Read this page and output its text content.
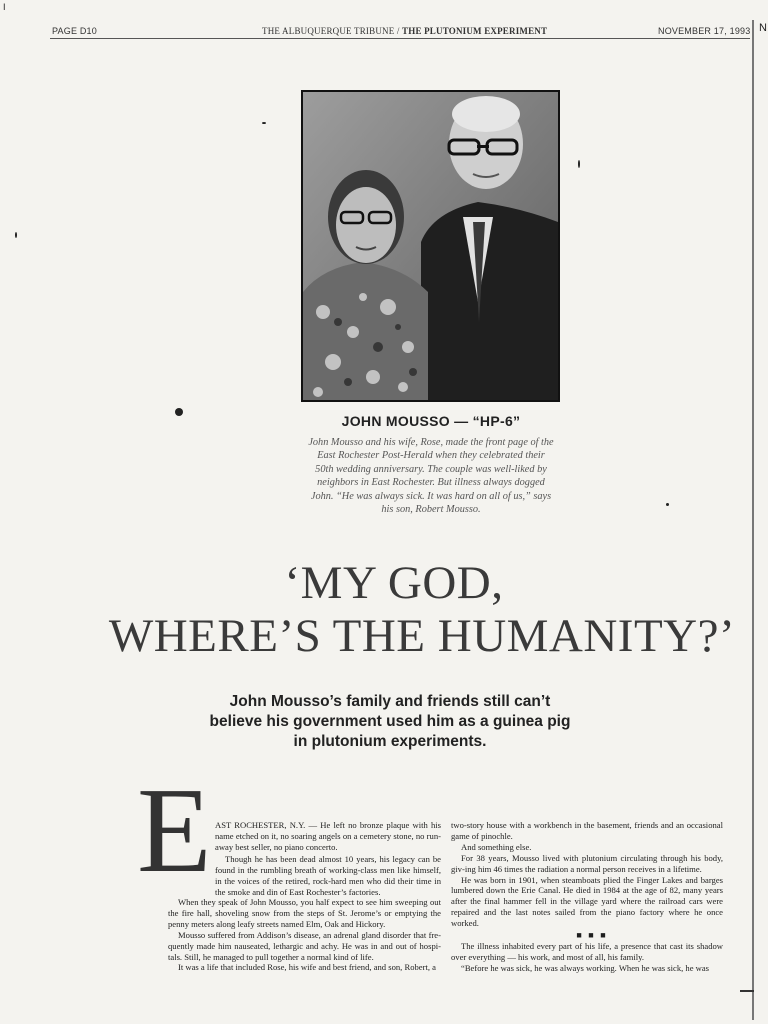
I
PAGE D10	THE ALBUQUERQUE TRIBUNE / THE PLUTONIUM EXPERIMENT	NOVEMBER 17, 1993 N
JOHN MOUSSO — “HP-6”
John Mousso and his wife, Rose, made the front page of the East Rochester Post-Herald when they celebrated their 50th wedding anniversary. The couple was well-liked by neighbors in East Rochester. But illness always dogged John. “He was always sick. It was hard on all of us,” says his son, Robert Mousso.
‘MY GOD,
WHERE’S THE HUMANITY?’
John Mousso’s family and friends still can’t
believe his government used him as a guinea pig
in plutonium experiments.
E AST ROCHESTER, N.Y. — He left no bronze plaque with his name etched on it, no soaring angels on a cemetery stone, no run-away best seller, no piano concerto.

Though he has been dead almost 10 years, his legacy can be found in the rumbling breath of working-class men like himself, in the voices of the retired, rock-hard men who did their time in the smoke and din of East Rochester’s factories.

When they speak of John Mousso, you half expect to see him sweeping out the fire hall, shoveling snow from the steps of St. Jerome’s or emptying the penny meters along leafy streets named Elm, Oak and Hickory.

Mousso suffered from Addison’s disease, an adrenal gland disorder that fre-quently made him nauseated, lethargic and achy. He was in and out of hospi-tals. Still, he managed to pull together a normal kind of life.

It was a life that included Rose, his wife and best friend, and son, Robert, a

two-story house with a workbench in the basement, friends and an occasional game of pinochle.

And something else.

For 38 years, Mousso lived with plutonium circulating through his body, giv-ing him 46 times the radiation a normal person receives in a lifetime.

He was born in 1901, when steamboats plied the Finger Lakes and barges lumbered down the Erie Canal. He died in 1984 at the age of 82, many years after the final hammer fell in the village yard where the railroad cars were repaired and the last notes sailed from the piano factory where he once worked.

■ ■ ■

The illness inhabited every part of his life, a presence that cast its shadow over everything — his work, and most of all, his family.

“Before he was sick, he was always working. When he was sick, he was
